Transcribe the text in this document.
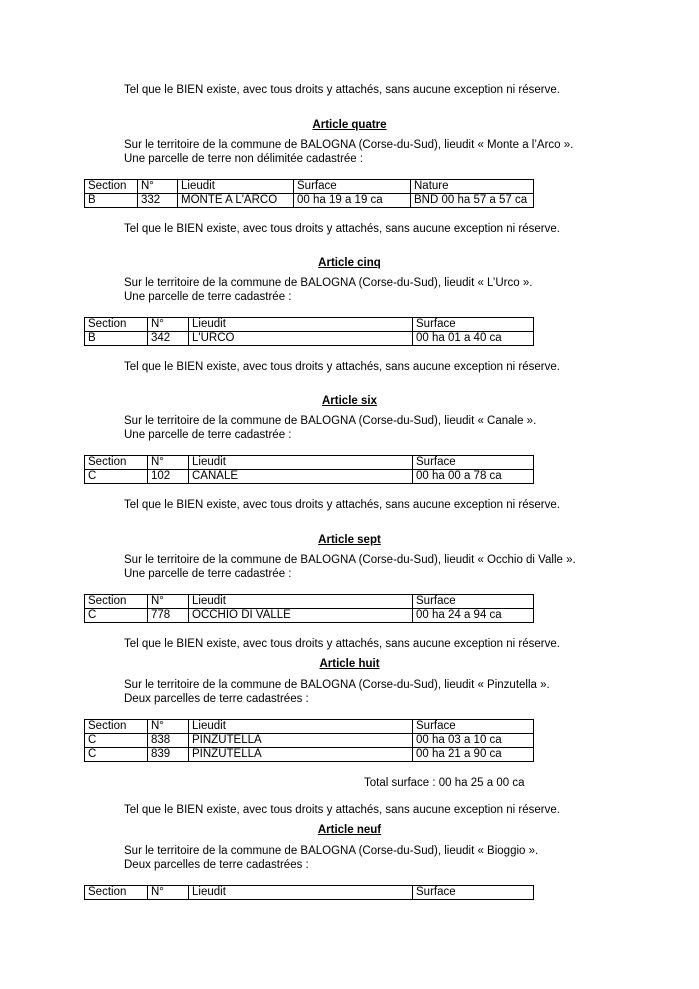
Tel que le BIEN existe, avec tous droits y attachés, sans aucune exception ni réserve.
Article quatre
Sur le territoire de la commune de BALOGNA (Corse-du-Sud), lieudit « Monte a l’Arco ».
Une parcelle de terre non délimitée cadastrée :
Section	N°	Lieudit	Surface	Nature
B	332	MONTE A L'ARCO	00 ha 19 a 19 ca	BND 00 ha 57 a 57 ca
Tel que le BIEN existe, avec tous droits y attachés, sans aucune exception ni réserve.
Article cinq
Sur le territoire de la commune de BALOGNA (Corse-du-Sud), lieudit « L’Urco ».
Une parcelle de terre cadastrée :
Section	N°	Lieudit	Surface
B	342	L'URCO	00 ha 01 a 40 ca
Tel que le BIEN existe, avec tous droits y attachés, sans aucune exception ni réserve.
Article six
Sur le territoire de la commune de BALOGNA (Corse-du-Sud), lieudit « Canale ».
Une parcelle de terre cadastrée :
Section	N°	Lieudit	Surface
C	102	CANALE	00 ha 00 a 78 ca
Tel que le BIEN existe, avec tous droits y attachés, sans aucune exception ni réserve.
Article sept
Sur le territoire de la commune de BALOGNA (Corse-du-Sud), lieudit « Occhio di Valle ».
Une parcelle de terre cadastrée :
Section	N°	Lieudit	Surface
C	778	OCCHIO DI VALLE	00 ha 24 a 94 ca
Tel que le BIEN existe, avec tous droits y attachés, sans aucune exception ni réserve.
Article huit
Sur le territoire de la commune de BALOGNA (Corse-du-Sud), lieudit « Pinzutella ».
Deux parcelles de terre cadastrées :
Section	N°	Lieudit	Surface
C	838	PINZUTELLA	00 ha 03 a 10 ca
C	839	PINZUTELLA	00 ha 21 a 90 ca
Total surface : 00 ha 25 a 00 ca
Tel que le BIEN existe, avec tous droits y attachés, sans aucune exception ni réserve.
Article neuf
Sur le territoire de la commune de BALOGNA (Corse-du-Sud), lieudit « Bioggio ».
Deux parcelles de terre cadastrées :
Section	N°	Lieudit	Surface
